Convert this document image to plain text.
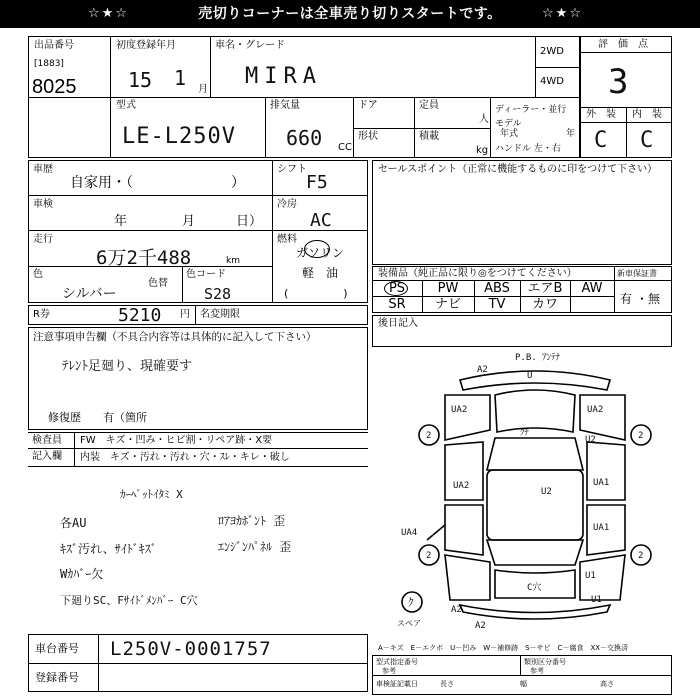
☆★☆	売切りコーナーは全車売り切りスタートです。	☆★☆
出品番号
[1883]
8025
初度登録年月
15 1 月
車名・グレード
MIRA
2WD
4WD
型式
LE-L250V
排気量
660 CC
ドア
形状
定員
人
積載
kg
ディーラー・並行
モデル
年式	年
ハンドル 左・右
評　価　点
3
外　装 内　装
C C
車歴
自家用・（　　　　　　　）
車検
年	月	日）
走行
6万2千488	km
色
シルバー
色替
色コード
S28
シフト
F5
冷房
AC
燃料
ガソリン
軽　油
(　　　　　)
R券	5210 円 名変期限
注意事項申告欄（不具合内容等は具体的に記入して下さい）
ﾃﾚﾝﾄ足廻り、現確要す
修復歴　　有（箇所
検査員
記入欄
FW　キズ・凹み・ヒビ割・リペア跡・X要
内装　キズ・汚れ・汚れ・穴・ｽﾚ・キレ・破し
ｶｰﾍﾟｯﾄｲﾀﾐ X
各AU	ﾛｱﾖｶﾎﾞﾝﾄ 歪
ｷｽﾞ汚れ、ｻｲﾄﾞｷｽﾞ	ｴﾝｼﾞﾝﾊﾟﾈﾙ 歪
Wｶﾊﾞｰ欠
下廻りSC、Fｻｲﾄﾞﾒﾝﾊﾞｰ C穴
セールスポイント（正常に機能するものに印をつけて下さい）
装備品（純正品に限り◎をつけてください）	新車保証書
有 ・無
PS	PW	ABS	エアB	AW
SR	ナビ	TV	カワ
後日記入
P.B. ｱﾝﾃﾅ
A2
U
UA2	UA2
ｸﾁ
U2
2	2
UA2
U2
UA1
UA1
UA4
2	2
U1
C穴
A2
U1
A2
ｸ
スペア
A－キズ　E－エクボ　U－凹み　W－補修跡　S－サビ　C－腐食　XX－交換済
車台番号 L250V-0001757
登録番号
型式指定番号
参考
類別区分番号
参考
車検証記載日	長さ	幅	高さ
